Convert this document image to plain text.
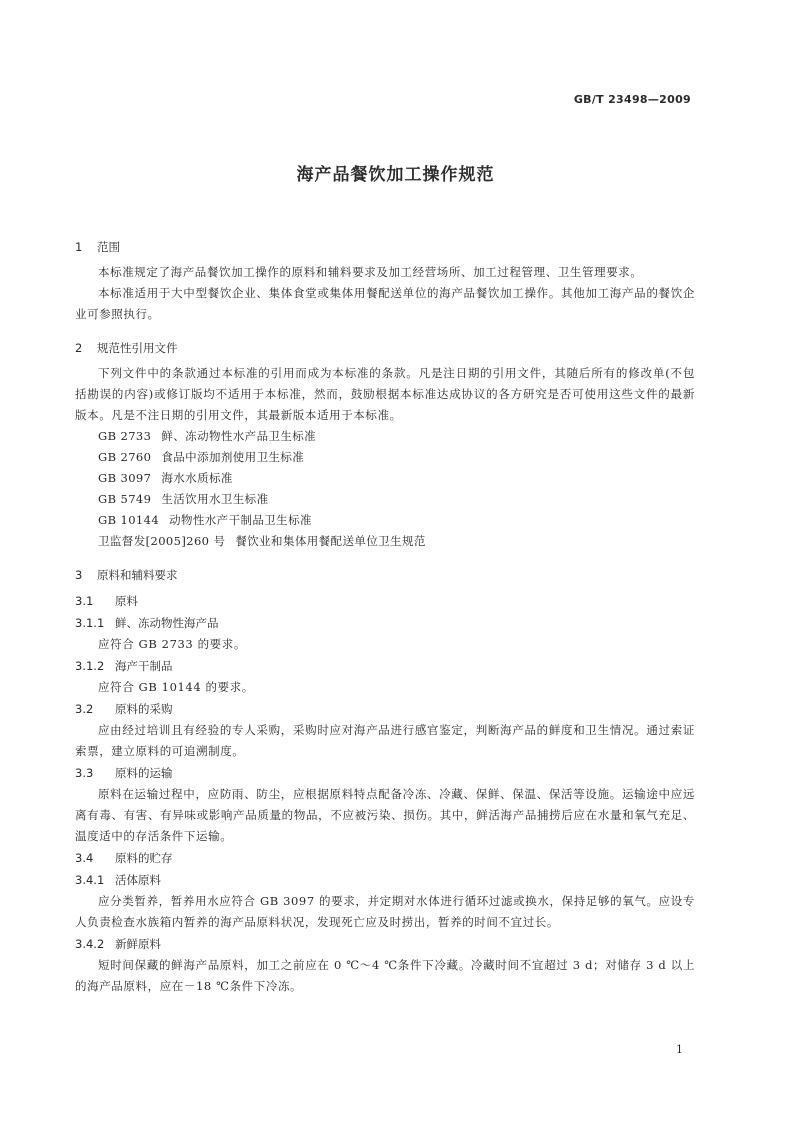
GB/T 23498—2009
海产品餐饮加工操作规范
1 范围

本标准规定了海产品餐饮加工操作的原料和辅料要求及加工经营场所、加工过程管理、卫生管理要求。

本标准适用于大中型餐饮企业、集体食堂或集体用餐配送单位的海产品餐饮加工操作。其他加工海产品的餐饮企业可参照执行。

2 规范性引用文件

下列文件中的条款通过本标准的引用而成为本标准的条款。凡是注日期的引用文件，其随后所有的修改单(不包括勘误的内容)或修订版均不适用于本标准，然而，鼓励根据本标准达成协议的各方研究是否可使用这些文件的最新版本。凡是不注日期的引用文件，其最新版本适用于本标准。

GB 2733 鲜、冻动物性水产品卫生标准
GB 2760 食品中添加剂使用卫生标准
GB 3097 海水水质标准
GB 5749 生活饮用水卫生标准
GB 10144 动物性水产干制品卫生标准
卫监督发[2005]260 号 餐饮业和集体用餐配送单位卫生规范
3 原料和辅料要求
3.1 原料
3.1.1 鲜、冻动物性海产品

应符合 GB 2733 的要求。

3.1.2 海产干制品

应符合 GB 10144 的要求。

3.2 原料的采购

应由经过培训且有经验的专人采购，采购时应对海产品进行感官鉴定，判断海产品的鲜度和卫生情况。通过索证索票，建立原料的可追溯制度。

3.3 原料的运输

原料在运输过程中，应防雨、防尘，应根据原料特点配备冷冻、冷藏、保鲜、保温、保活等设施。运输途中应远离有毒、有害、有异味或影响产品质量的物品，不应被污染、损伤。其中，鲜活海产品捕捞后应在水量和氧气充足、温度适中的存活条件下运输。

3.4 原料的贮存
3.4.1 活体原料

应分类暂养，暂养用水应符合 GB 3097 的要求，并定期对水体进行循环过滤或换水，保持足够的氧气。应设专人负责检查水族箱内暂养的海产品原料状况，发现死亡应及时捞出，暂养的时间不宜过长。

3.4.2 新鲜原料

短时间保藏的鲜海产品原料，加工之前应在 0 ℃～4 ℃条件下冷藏。冷藏时间不宜超过 3 d；对储存 3 d 以上的海产品原料，应在－18 ℃条件下冷冻。

1
